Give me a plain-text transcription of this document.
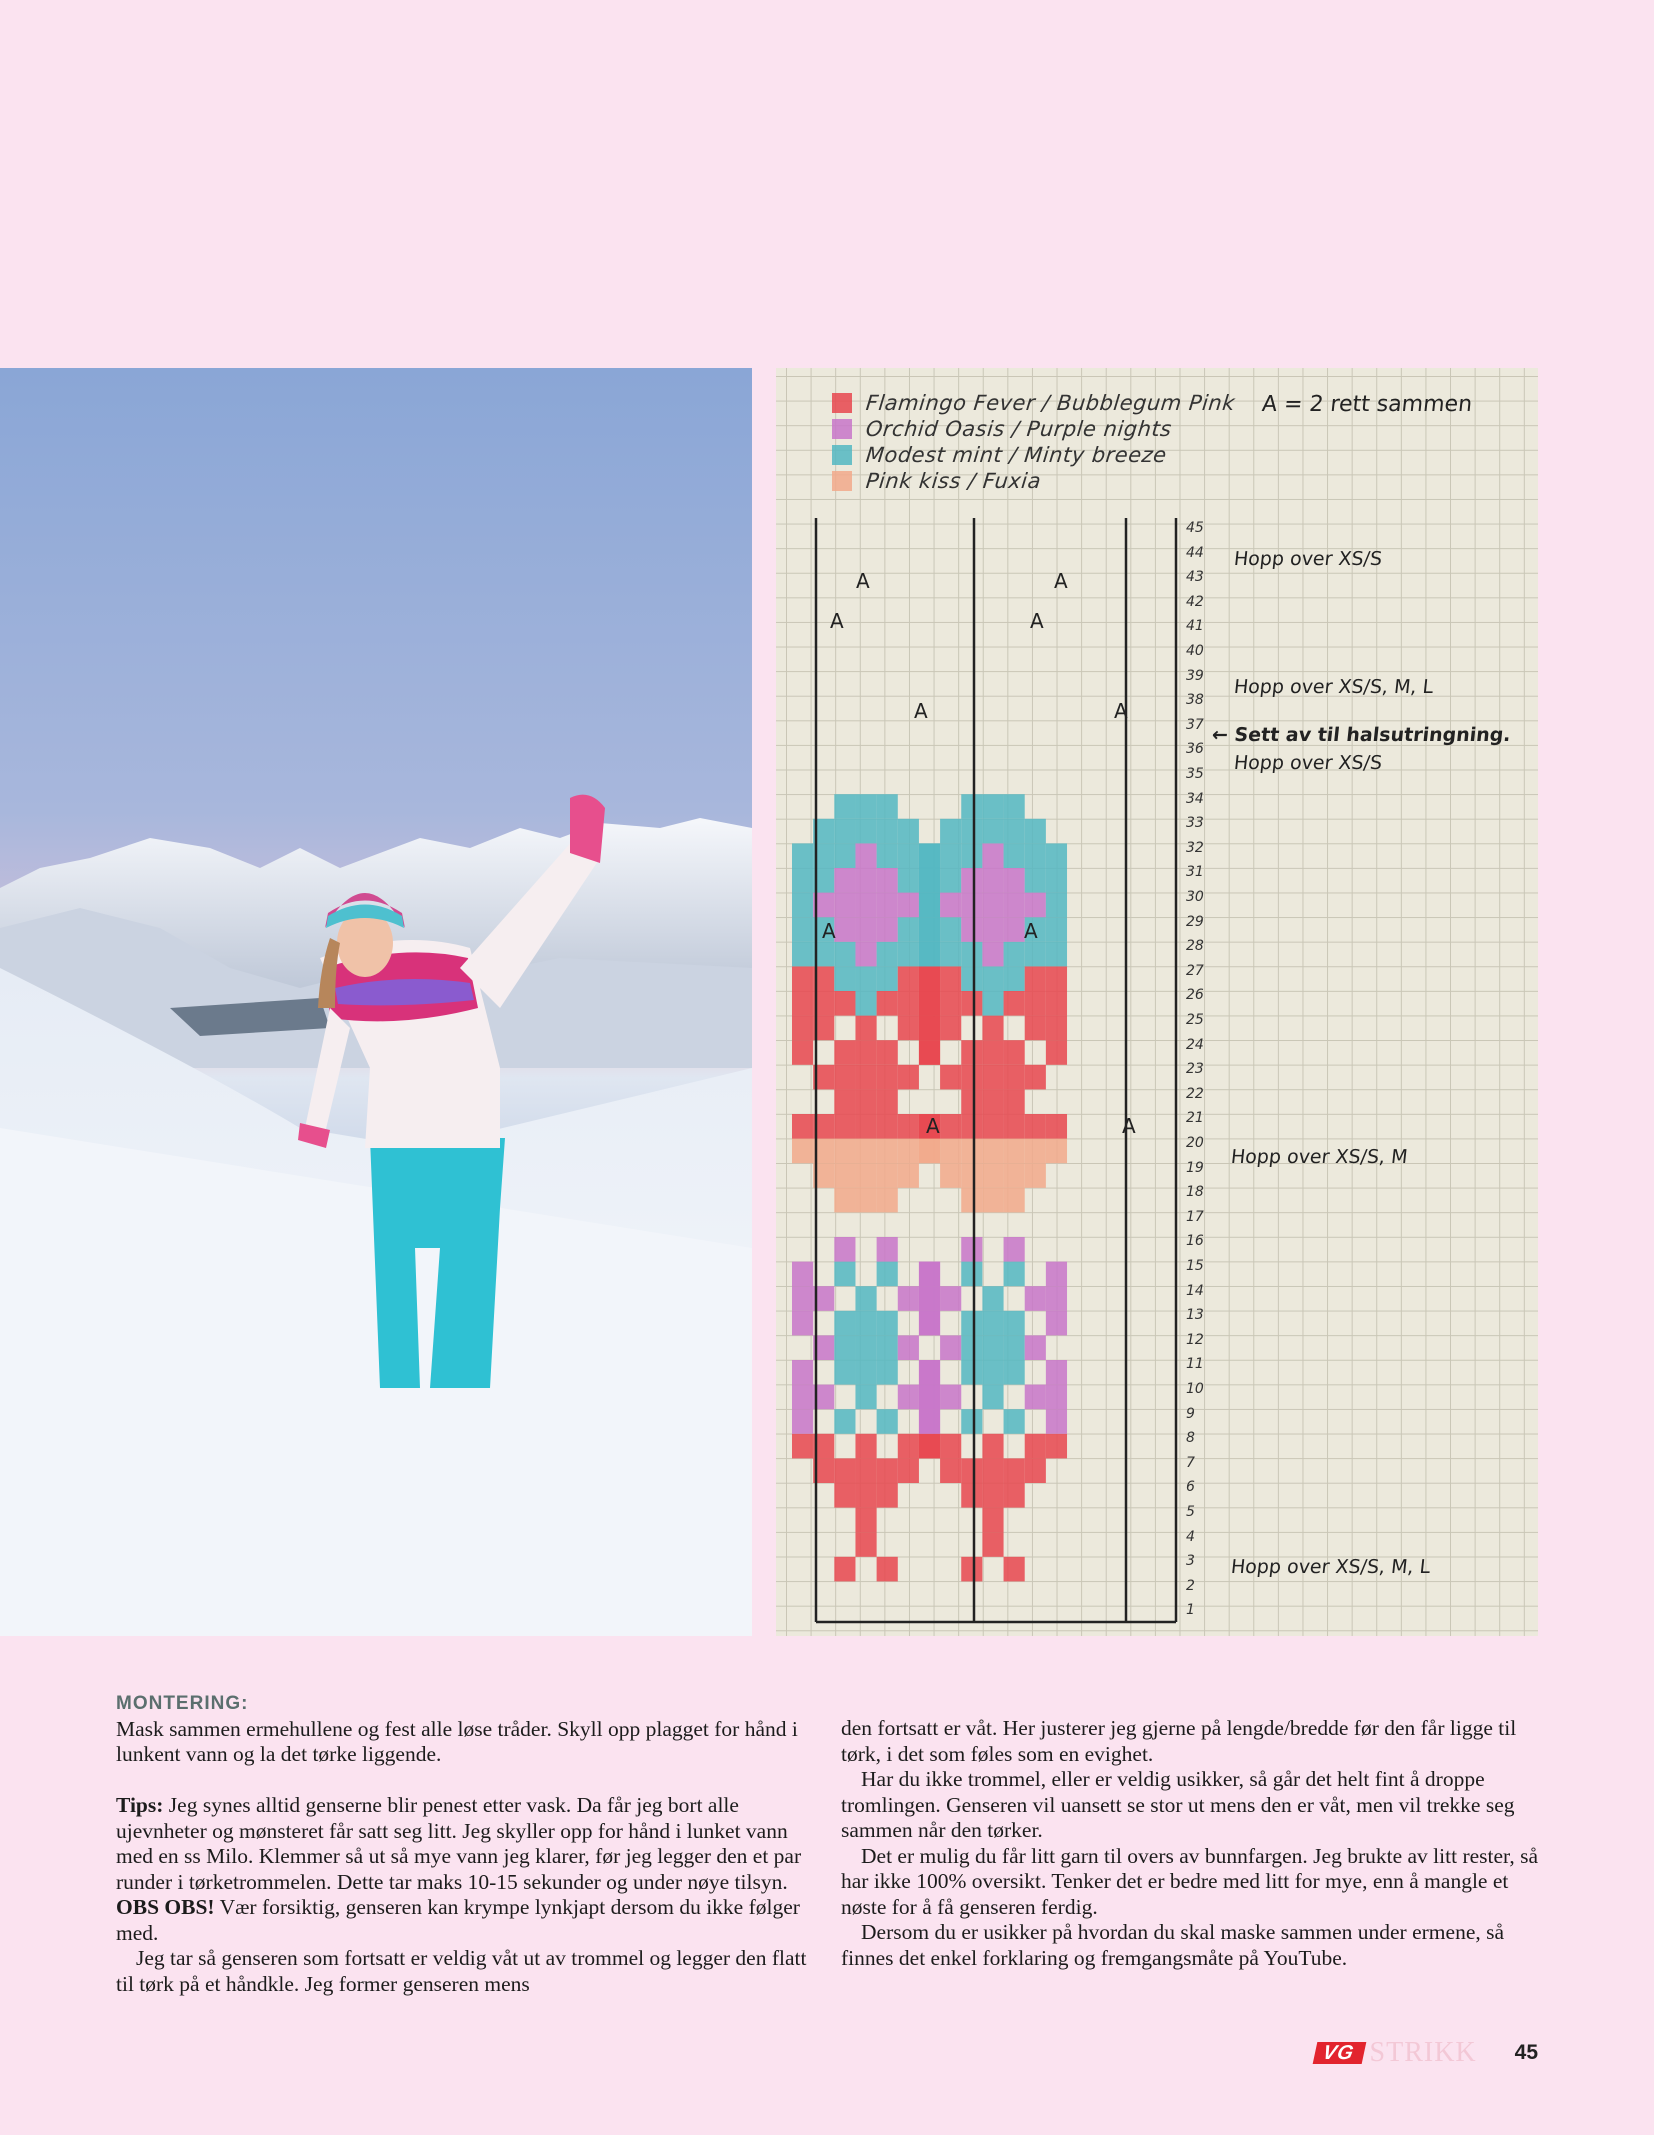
A	A
A	A
A	A
A	A
A	A
Flamingo Fever / Bubblegum Pink
Orchid Oasis / Purple nights
Modest mint / Minty breeze
Pink kiss / Fuxia
A = 2 rett sammen
45
44
43
42
41
40
39
38
37
36
35
34
33
32
31
30
29
28
27
26
25
24
23
22
21
20
19
18
17
16
15
14
13
12
11
10
9
8
7
6
5
4
3
2
1
Hopp over XS/S
Hopp over XS/S, M, L
← Sett av til halsutringning.
Hopp over XS/S
Hopp over XS/S, M
Hopp over XS/S, M, L
MONTERING:

Mask sammen ermehullene og fest alle løse tråder. Skyll opp plagget for hånd i lunkent vann og la det tørke liggende.

Tips: Jeg synes alltid genserne blir penest etter vask. Da får jeg bort alle ujevnheter og mønsteret får satt seg litt. Jeg skyller opp for hånd i lunket vann med en ss Milo. Klemmer så ut så mye vann jeg klarer, før jeg legger den et par runder i tørketrommelen. Dette tar maks 10-15 sekunder og under nøye tilsyn.

OBS OBS! Vær forsiktig, genseren kan krympe lynkjapt dersom du ikke følger med.

Jeg tar så genseren som fortsatt er veldig våt ut av trommel og legger den flatt til tørk på et håndkle. Jeg former genseren mens

den fortsatt er våt. Her justerer jeg gjerne på lengde/bredde før den får ligge til tørk, i det som føles som en evighet.

Har du ikke trommel, eller er veldig usikker, så går det helt fint å droppe tromlingen. Genseren vil uansett se stor ut mens den er våt, men vil trekke seg sammen når den tørker.

Det er mulig du får litt garn til overs av bunnfargen. Jeg brukte av litt rester, så har ikke 100% oversikt. Tenker det er bedre med litt for mye, enn å mangle et nøste for å få genseren ferdig.

Dersom du er usikker på hvordan du skal maske sammen under ermene, så finnes det enkel forklaring og fremgangsmåte på YouTube.

VG STRIKK 45
